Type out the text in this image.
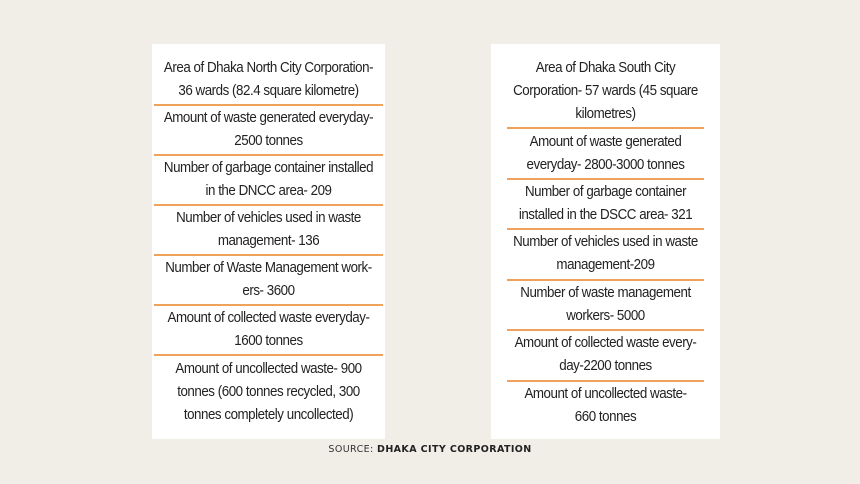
Area of Dhaka North City Corporation-
36 wards (82.4 square kilometre)
Amount of waste generated everyday-
2500 tonnes
Number of garbage container installed
in the DNCC area- 209
Number of vehicles used in waste
management- 136
Number of Waste Management work-
ers- 3600
Amount of collected waste everyday-
1600 tonnes
Amount of uncollected waste- 900
tonnes (600 tonnes recycled, 300
tonnes completely uncollected)
Area of Dhaka South City
Corporation- 57 wards (45 square
kilometres)
Amount of waste generated
everyday- 2800-3000 tonnes
Number of garbage container
installed in the DSCC area- 321
Number of vehicles used in waste
management-209
Number of waste management
workers- 5000
Amount of collected waste every-
day-2200 tonnes
Amount of uncollected waste-
660 tonnes
SOURCE: DHAKA CITY CORPORATION
